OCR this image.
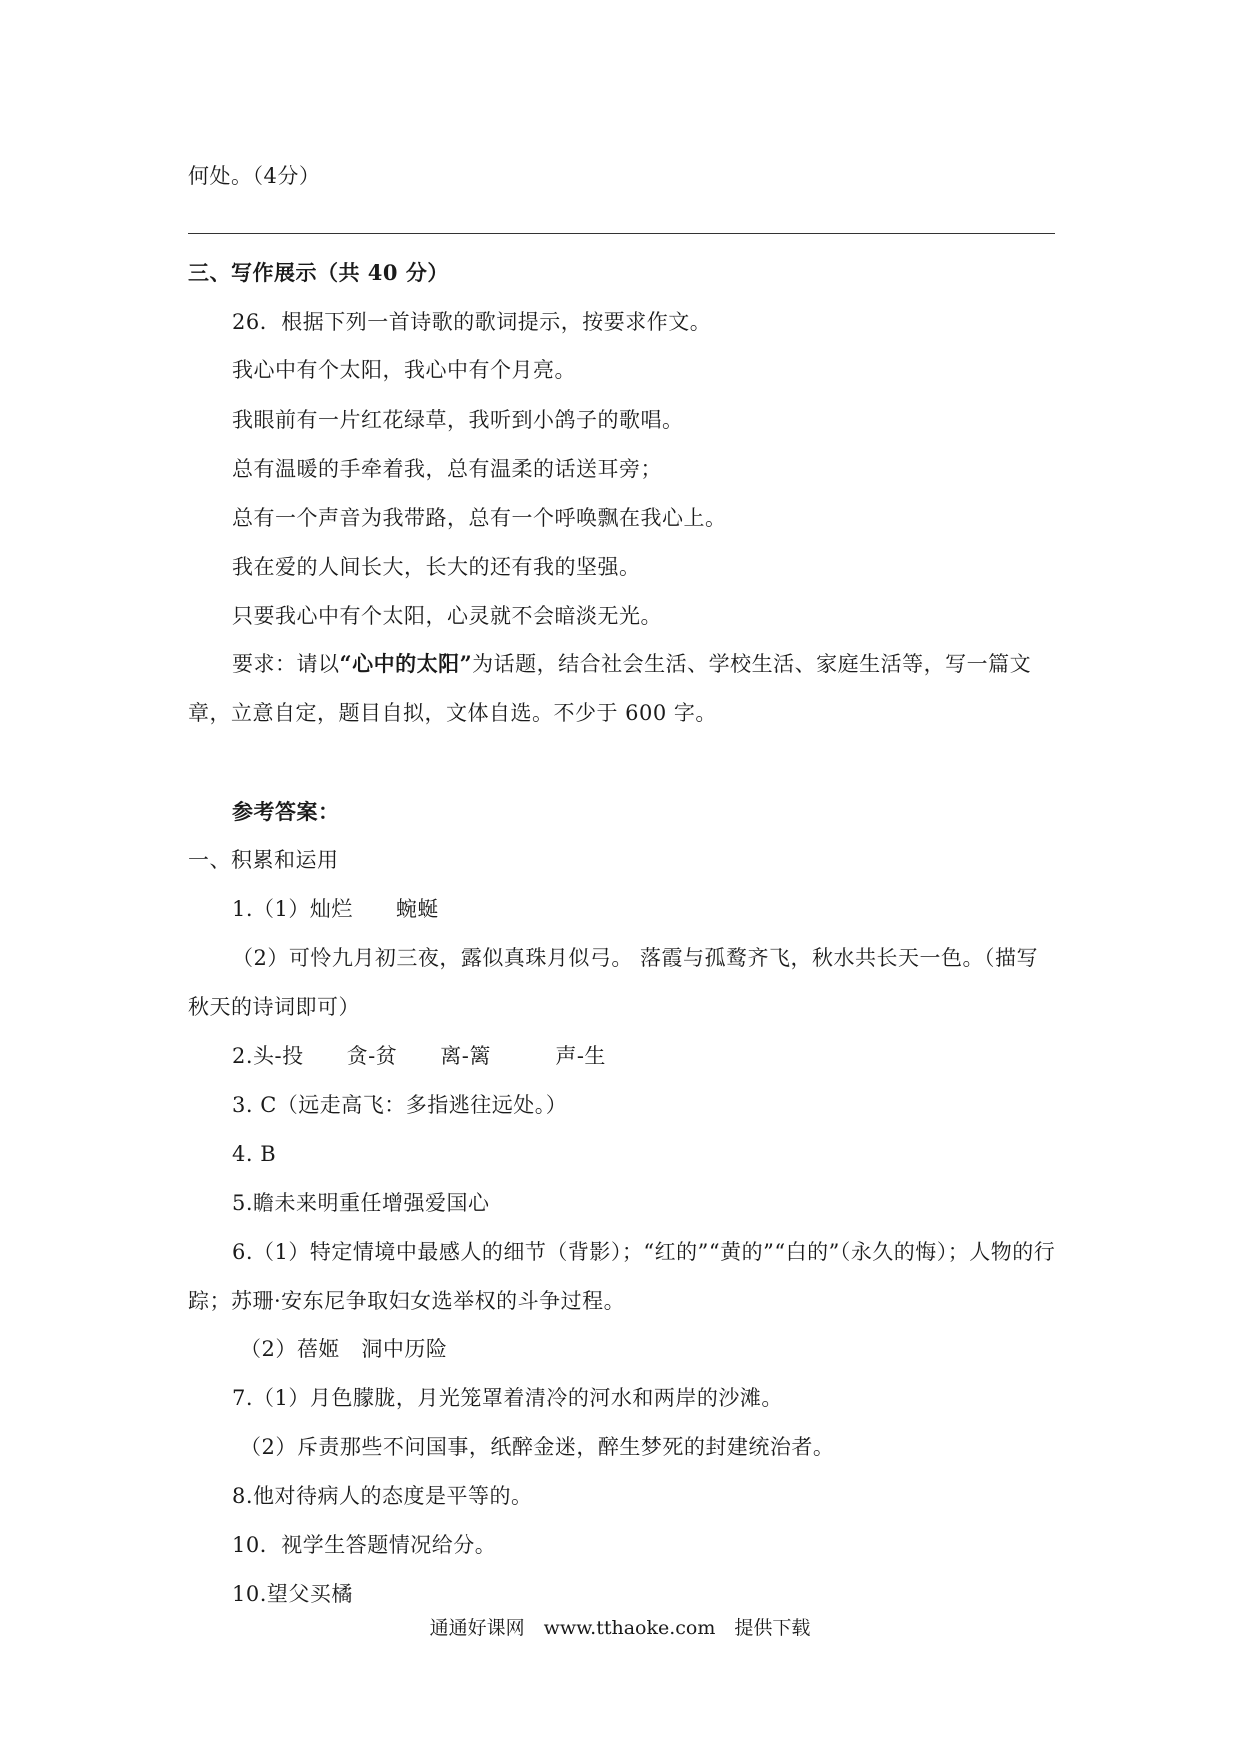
何处。（4分）
三、写作展示（共 40 分）
26．根据下列一首诗歌的歌词提示，按要求作文。
我心中有个太阳，我心中有个月亮。
我眼前有一片红花绿草，我听到小鸽子的歌唱。
总有温暖的手牵着我，总有温柔的话送耳旁；
总有一个声音为我带路，总有一个呼唤飘在我心上。
我在爱的人间长大，长大的还有我的坚强。
只要我心中有个太阳，心灵就不会暗淡无光。
要求：请以“心中的太阳”为话题，结合社会生活、学校生活、家庭生活等，写一篇文
章，立意自定，题目自拟，文体自选。不少于 600 字。
参考答案：
一、积累和运用
1.（1）灿烂　　蜿蜒
（2）可怜九月初三夜，露似真珠月似弓。 落霞与孤鹜齐飞，秋水共长天一色。（描写
秋天的诗词即可）
2.头-投　　贪-贫　　离-篱　　　声-生
3. C（远走高飞：多指逃往远处。）
4. B
5.瞻未来明重任增强爱国心
6.（1）特定情境中最感人的细节（背影）；“红的”“黄的”“白的”（永久的悔）；人物的行
踪；苏珊·安东尼争取妇女选举权的斗争过程。
（2）蓓姬　洞中历险
7.（1）月色朦胧，月光笼罩着清冷的河水和两岸的沙滩。
（2）斥责那些不问国事，纸醉金迷，醉生梦死的封建统治者。
8.他对待病人的态度是平等的。
10．视学生答题情况给分。
10.望父买橘
通通好课网　www.tthaoke.com　提供下载
